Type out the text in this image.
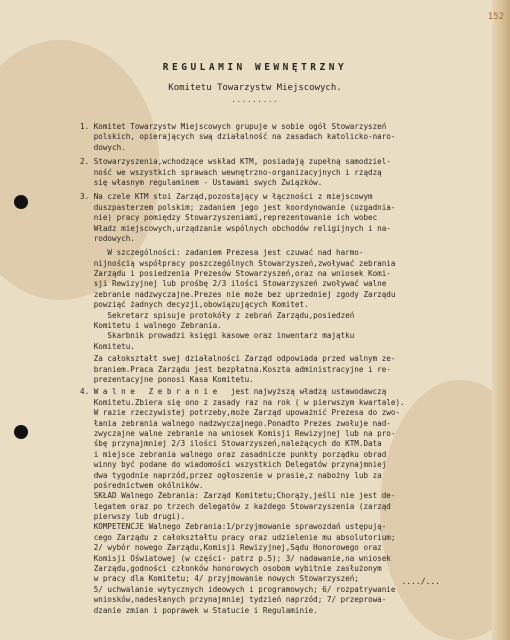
152
REGULAMIN WEWNĘTRZNY
Komitetu Towarzystw Miejscowych.
.........
1. Komitet Towarzystw Miejscowych grupuje w sobie ogół Stowarzyszeń
polskich, opierających swą działalność na zasadach katolicko-naro-
dowych.
2. Stowarzyszenia,wchodzące wskład KTM, posiadają zupełną samodziel-
ność we wszystkich sprawach wewnętrzno-organizacyjnych i rządzą
się własnym regulaminem - Ustawami swych Związków.
3. Na czele KTM stoi Zarząd,pozostający w łączności z miejscowym
duszpasterzem polskim; zadaniem jego jest koordynowanie (uzgadnia-
nie) pracy pomiędzy Stowarzyszeniami,reprezentowanie ich wobec
Władz miejscowych,urządzanie wspólnych obchodów religijnych i na-
rodowych.
W szczególności: zadaniem Prezesa jest czuwać nad harmo-
nijnością współpracy poszczególnych Stowarzyszeń,zwoływać zebrania
Zarządu i posiedzenia Prezesów Stowarzyszeń,oraz na wniosek Komi-
sji Rewizyjnej lub prośbę 2/3 ilości Stowarzyszeń zwoływać walne
zebranie nadzwyczajne.Prezes nie może bez uprzedniej zgody Zarządu
powziąć żadnych decyzji,obowiązujących Komitet.
Sekretarz spisuje protokóły z zebrań Zarządu,posiedzeń
Komitetu i walnego Zebrania.
Skarbnik prowadzi księgi kasowe oraz inwentarz majątku
Komitetu.
Za całokształt swej działalności Zarząd odpowiada przed walnym ze-
braniem.Praca Zarządu jest bezpłatna.Koszta administracyjne i re-
prezentacyjne ponosi Kasa Komitetu.
4. W a l n e   Z e b r a n i e   jest najwyższą władzą ustawodawczą
Komitetu.Zbiera się ono z zasady raz na rok ( w pierwszym kwartale).
W razie rzeczywistej potrzeby,może Zarząd upoważnić Prezesa do zwo-
łania zebrania walnego nadzwyczajnego.Ponadto Prezes zwołuje nad-
zwyczajne walne zebranie na wniosek Komisji Rewizyjnej lub na pro-
śbę przynajmniej 2/3 ilości Stowarzyszeń,należących do KTM.Data
i miejsce zebrania walnego oraz zasadnicze punkty porządku obrad
winny być podane do wiadomości wszystkich Delegatów przynajmniej
dwa tygodnie naprzód,przez ogłoszenie w prasie,z nabożny lub za
pośrednictwem okólników.
SKŁAD Walnego Zebrania: Zarząd Komitetu;Chorąży,jeśli nie jest de-
legatem oraz po trzech delegatów z każdego Stowarzyszenia (zarząd
pierwszy lub drugi).
KOMPETENCJE Walnego Zebrania:1/przyjmowanie sprawozdań ustępują-
cego Zarządu z całokształtu pracy oraz udzielenie mu absolutorium;
2/ wybór nowego Zarządu,Komisji Rewizyjnej,Sądu Honorowego oraz
Komisji Oświatowej (w części- patrz p.5); 3/ nadawanie,na wniosek
Zarządu,godności członków honorowych osobom wybitnie zasłużonym
w pracy dla Komitetu; 4/ przyjmowanie nowych Stowarzyszeń;
5/ uchwalanie wytycznych ideowych i programowych; 6/ rozpatrywanie
wniosków,nadesłanych przynajmniej tydzień naprzód; 7/ przeprowa-
dzanie zmian i poprawek w Statucie i Regulaminie.
..../...
